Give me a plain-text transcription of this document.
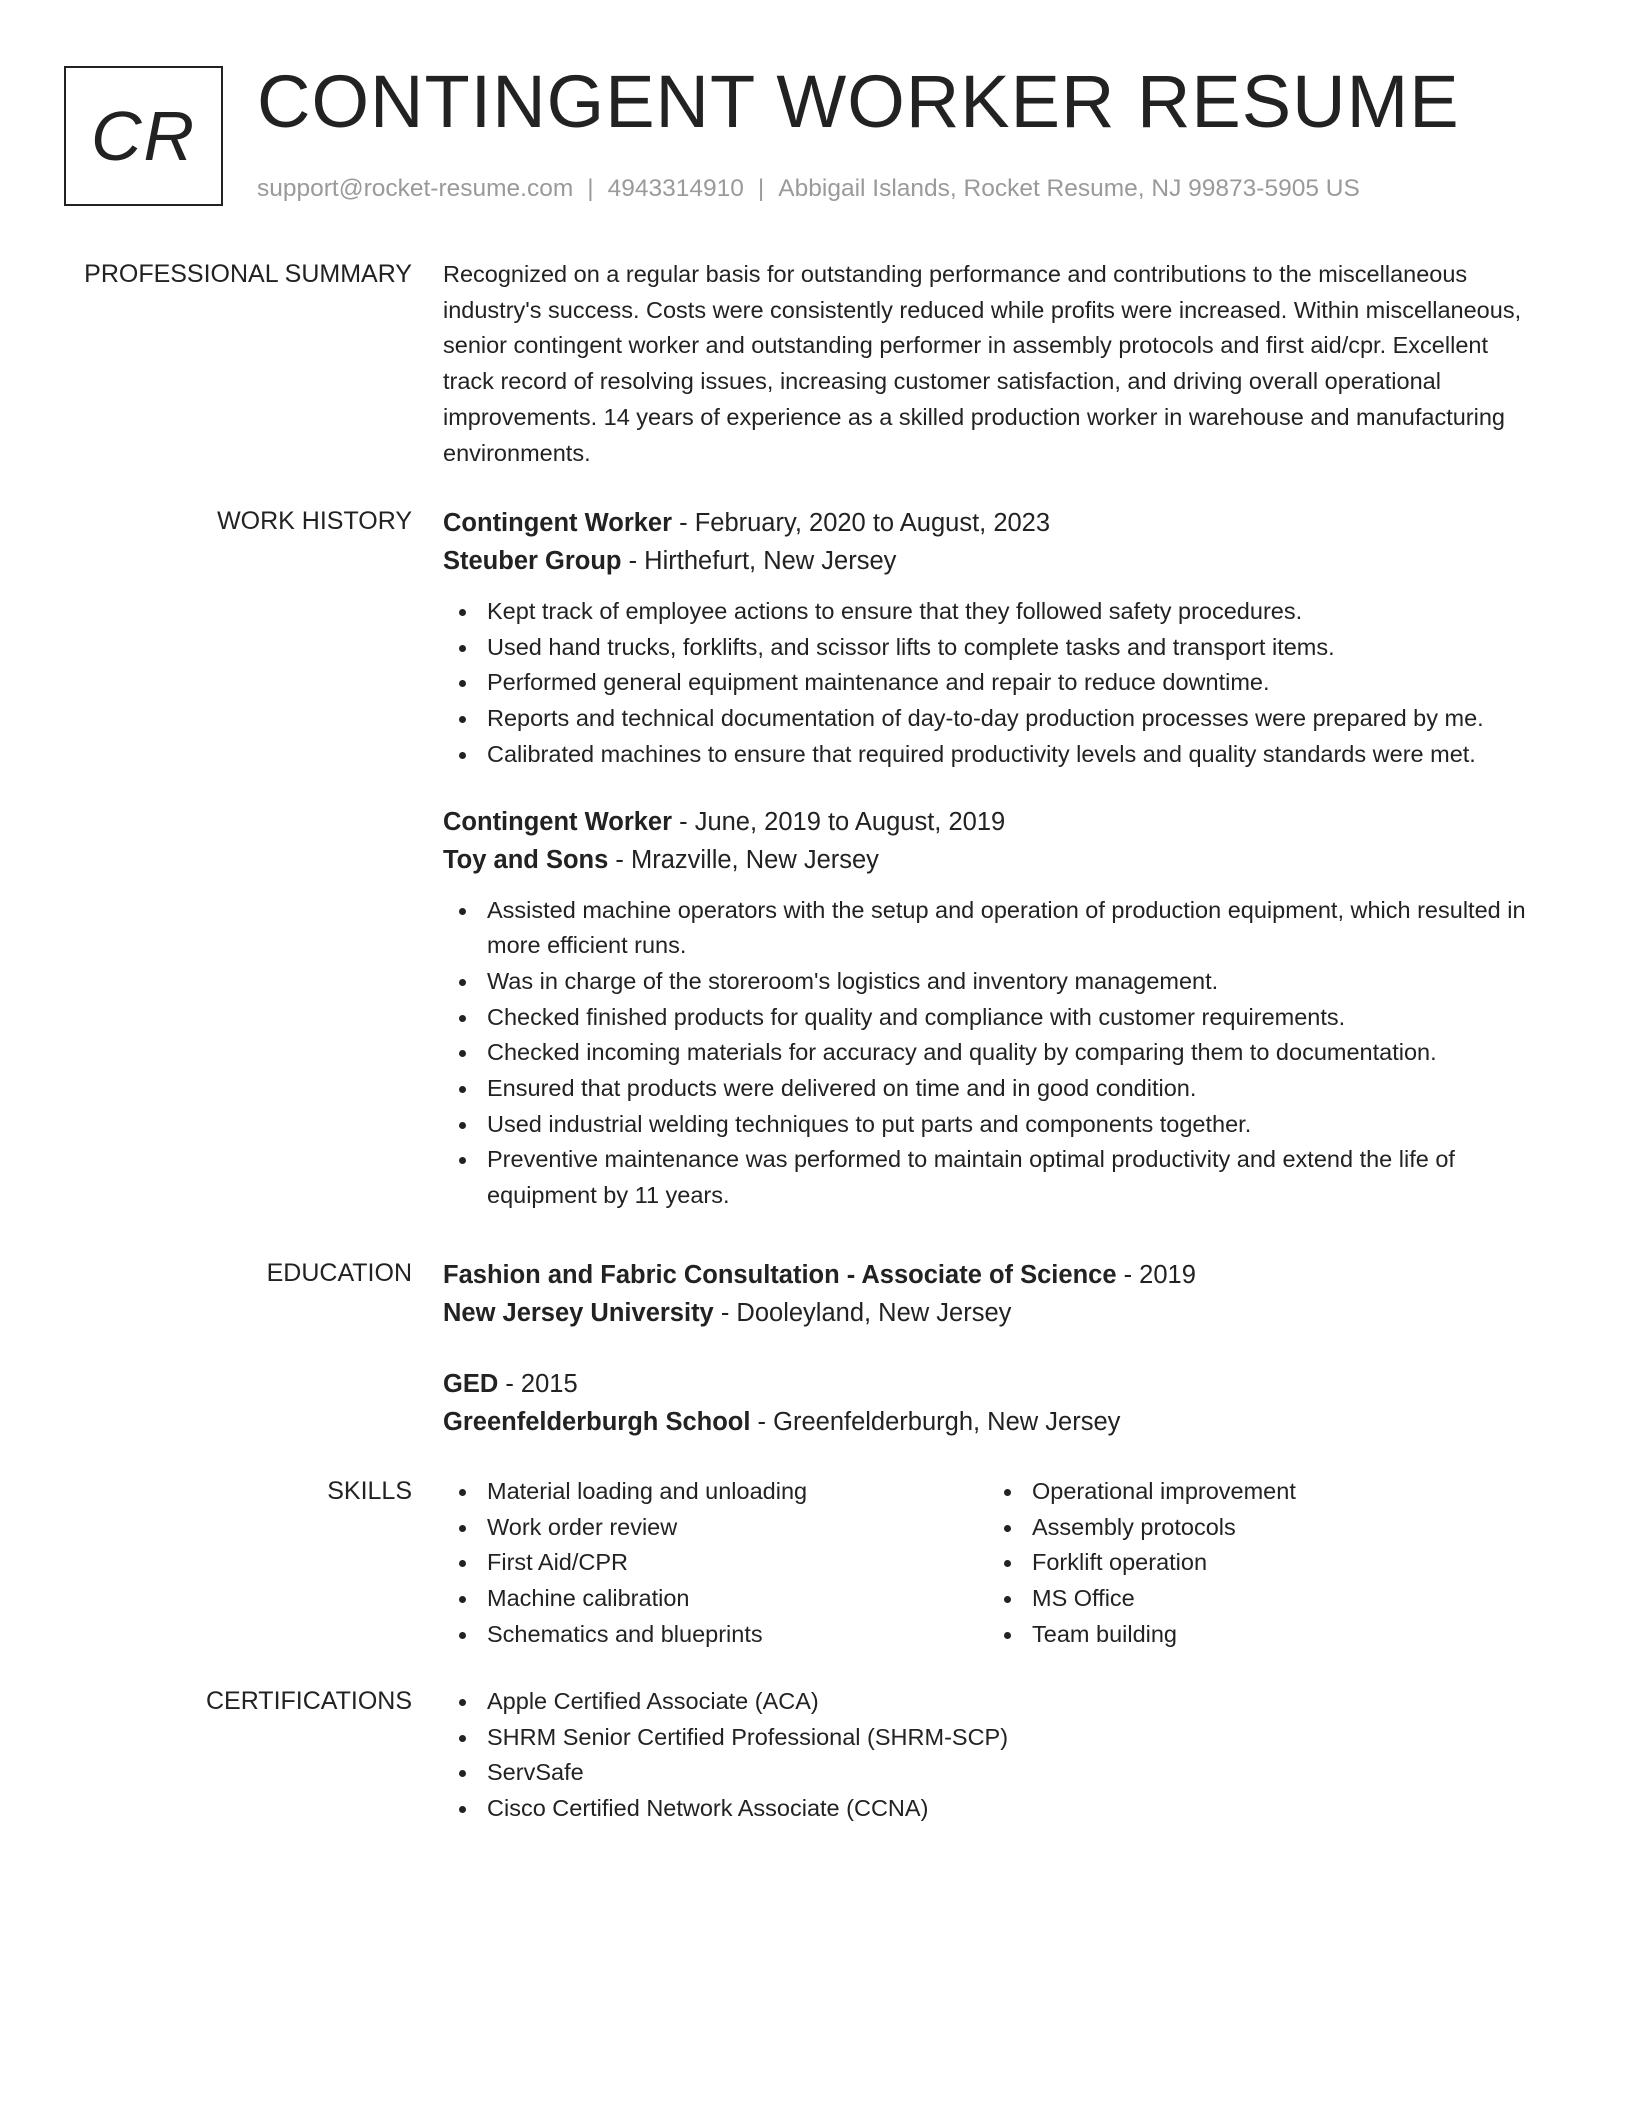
CR CONTINGENT WORKER RESUME
support@rocket-resume.com | 4943314910 | Abbigail Islands, Rocket Resume, NJ 99873-5905 US
PROFESSIONAL SUMMARY Recognized on a regular basis for outstanding performance and contributions to the miscellaneous industry's success. Costs were consistently reduced while profits were increased. Within miscellaneous, senior contingent worker and outstanding performer in assembly protocols and first aid/cpr. Excellent track record of resolving issues, increasing customer satisfaction, and driving overall operational improvements. 14 years of experience as a skilled production worker in warehouse and manufacturing environments.

WORK HISTORY Contingent Worker - February, 2020 to August, 2023
Steuber Group - Hirthefurt, New Jersey
Kept track of employee actions to ensure that they followed safety procedures.
Used hand trucks, forklifts, and scissor lifts to complete tasks and transport items.
Performed general equipment maintenance and repair to reduce downtime.
Reports and technical documentation of day-to-day production processes were prepared by me.
Calibrated machines to ensure that required productivity levels and quality standards were met.
Contingent Worker - June, 2019 to August, 2019
Toy and Sons - Mrazville, New Jersey
Assisted machine operators with the setup and operation of production equipment, which resulted in more efficient runs.
Was in charge of the storeroom's logistics and inventory management.
Checked finished products for quality and compliance with customer requirements.
Checked incoming materials for accuracy and quality by comparing them to documentation.
Ensured that products were delivered on time and in good condition.
Used industrial welding techniques to put parts and components together.
Preventive maintenance was performed to maintain optimal productivity and extend the life of equipment by 11 years.
EDUCATION Fashion and Fabric Consultation - Associate of Science - 2019
New Jersey University - Dooleyland, New Jersey
GED - 2015
Greenfelderburgh School - Greenfelderburgh, New Jersey
SKILLS	Material loading and unloading
Work order review
First Aid/CPR
Machine calibration
Schematics and blueprints
Operational improvement
Assembly protocols
Forklift operation
MS Office
Team building
CERTIFICATIONS	Apple Certified Associate (ACA)
SHRM Senior Certified Professional (SHRM-SCP)
ServSafe
Cisco Certified Network Associate (CCNA)
